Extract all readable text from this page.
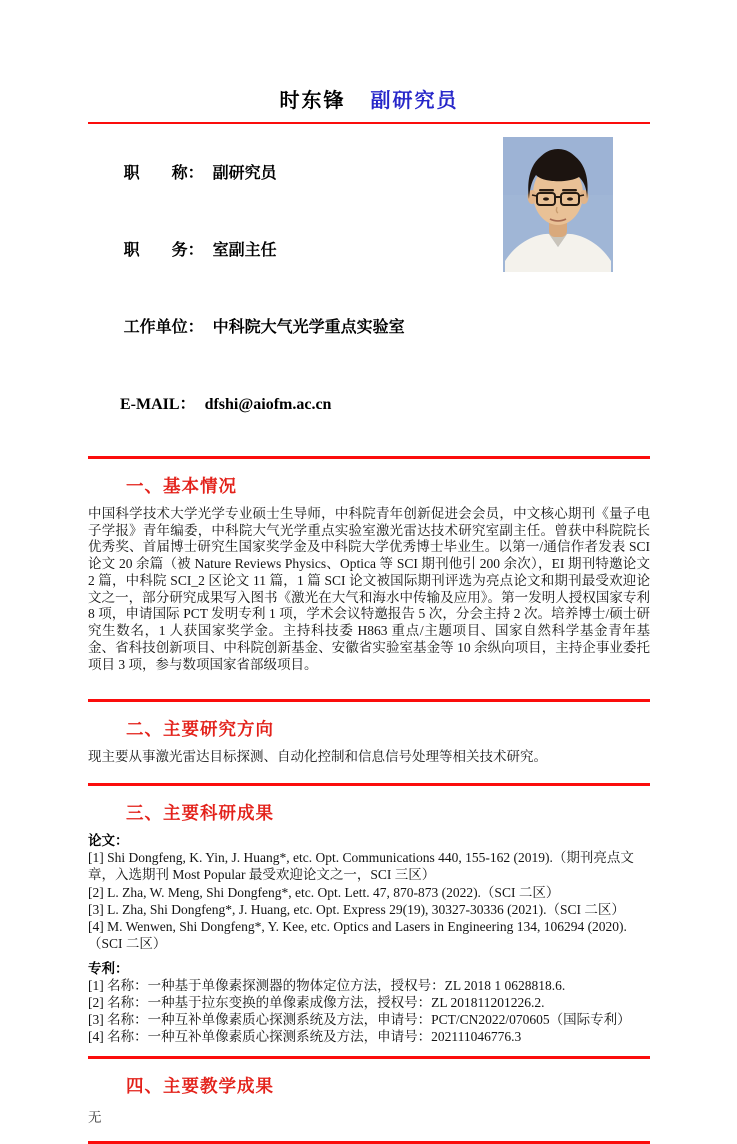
时东锋 副研究员

职　　称： 副研究员

职　　务： 室副主任

工作单位： 中科院大气光学重点实验室

E-MAIL： dfshi@aiofm.ac.cn

一、基本情况
中国科学技术大学光学专业硕士生导师，中科院青年创新促进会会员，中文核心期刊《量子电子学报》青年编委，中科院大气光学重点实验室激光雷达技术研究室副主任。曾获中科院院长优秀奖、首届博士研究生国家奖学金及中科院大学优秀博士毕业生。以第一/通信作者发表 SCI 论文 20 余篇（被 Nature Reviews Physics、Optica 等 SCI 期刊他引 200 余次），EI 期刊特邀论文 2 篇，中科院 SCI_2 区论文 11 篇，1 篇 SCI 论文被国际期刊评选为亮点论文和期刊最受欢迎论文之一，部分研究成果写入图书《激光在大气和海水中传输及应用》。第一发明人授权国家专利 8 项，申请国际 PCT 发明专利 1 项，学术会议特邀报告 5 次，分会主持 2 次。培养博士/硕士研究生数名，1 人获国家奖学金。主持科技委 H863 重点/主题项目、国家自然科学基金青年基金、省科技创新项目、中科院创新基金、安徽省实验室基金等 10 余纵向项目，主持企事业委托项目 3 项，参与数项国家省部级项目。
二、主要研究方向
现主要从事激光雷达目标探测、自动化控制和信息信号处理等相关技术研究。
三、主要科研成果
论文：
[1] Shi Dongfeng, K. Yin, J. Huang*, etc. Opt. Communications 440, 155-162 (2019).（期刊亮点文章，入选期刊 Most Popular 最受欢迎论文之一，SCI 三区）
[2] L. Zha, W. Meng, Shi Dongfeng*, etc. Opt. Lett. 47, 870-873 (2022).（SCI 二区）
[3] L. Zha, Shi Dongfeng*, J. Huang, etc. Opt. Express 29(19), 30327-30336 (2021).（SCI 二区）
[4] M. Wenwen, Shi Dongfeng*, Y. Kee, etc. Optics and Lasers in Engineering 134, 106294 (2020).（SCI 二区）
专利：
[1] 名称：一种基于单像素探测器的物体定位方法，授权号：ZL 2018 1 0628818.6.
[2] 名称：一种基于拉东变换的单像素成像方法，授权号：ZL 201811201226.2.
[3] 名称：一种互补单像素质心探测系统及方法，申请号：PCT/CN2022/070605（国际专利）
[4] 名称：一种互补单像素质心探测系统及方法，申请号：202111046776.3
四、主要教学成果
无
